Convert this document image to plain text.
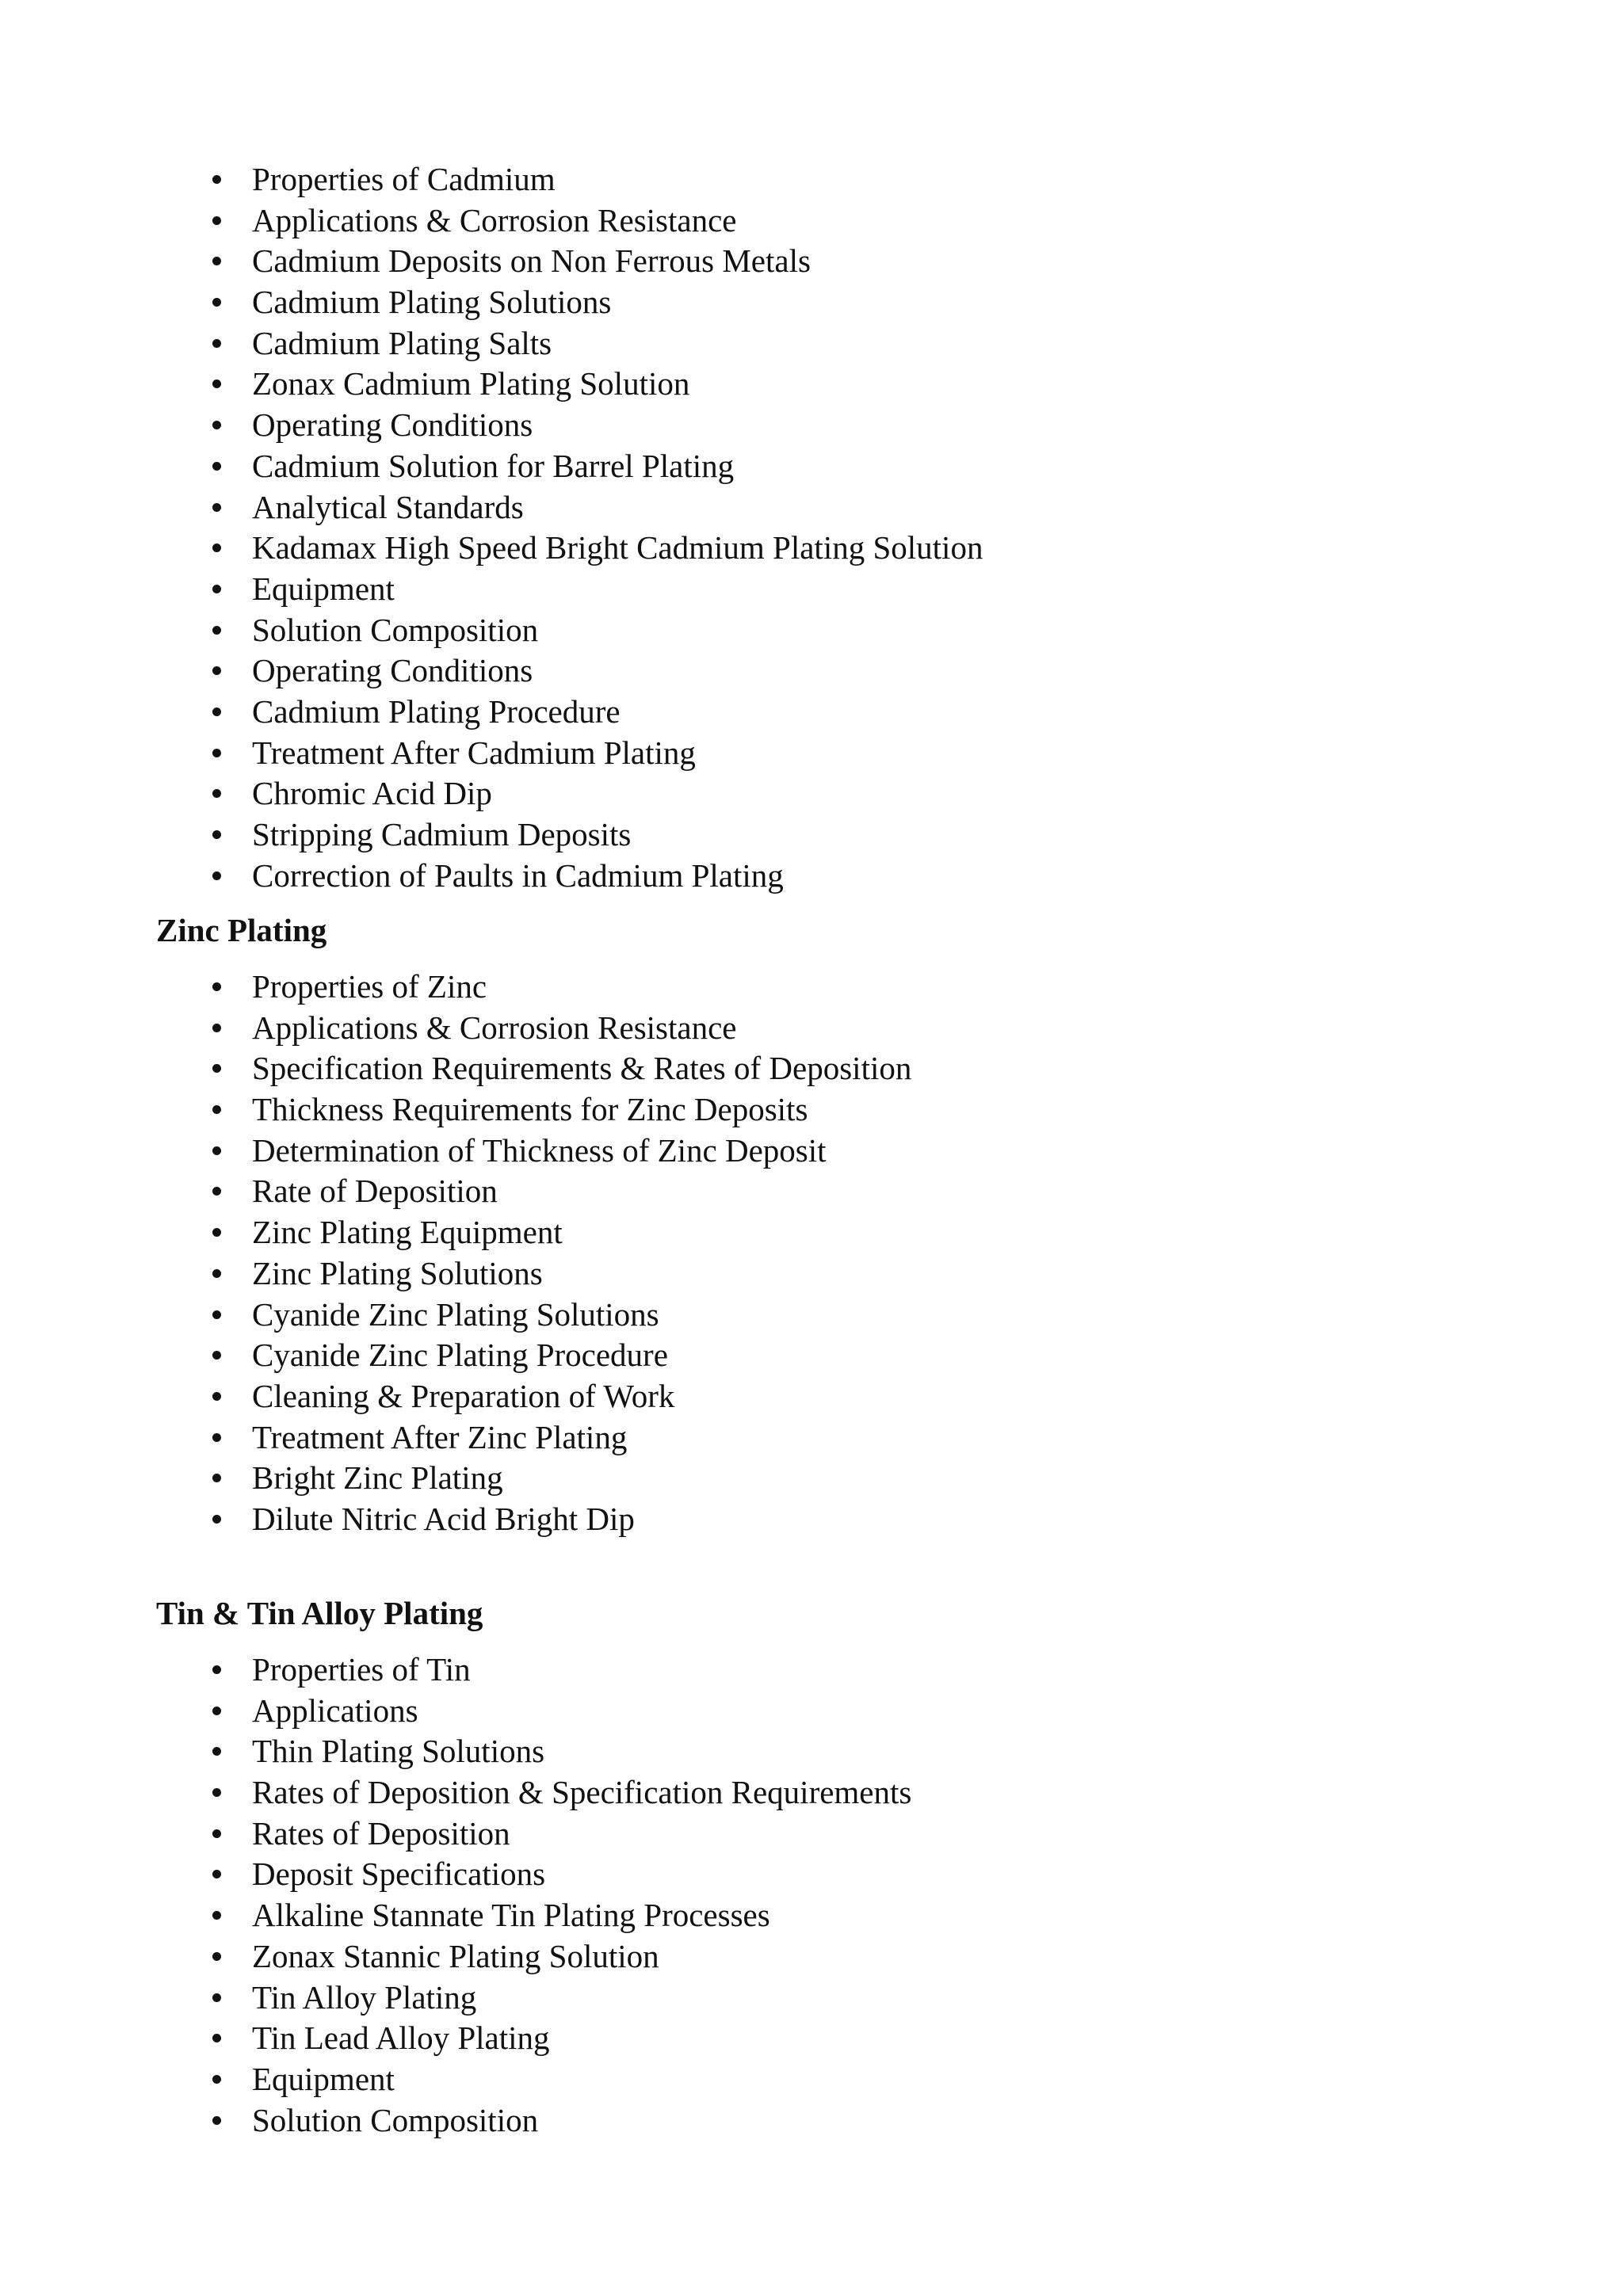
Properties of Cadmium
Applications & Corrosion Resistance
Cadmium Deposits on Non Ferrous Metals
Cadmium Plating Solutions
Cadmium Plating Salts
Zonax Cadmium Plating Solution
Operating Conditions
Cadmium Solution for Barrel Plating
Analytical Standards
Kadamax High Speed Bright Cadmium Plating Solution
Equipment
Solution Composition
Operating Conditions
Cadmium Plating Procedure
Treatment After Cadmium Plating
Chromic Acid Dip
Stripping Cadmium Deposits
Correction of Paults in Cadmium Plating
Zinc Plating
Properties of Zinc
Applications & Corrosion Resistance
Specification Requirements & Rates of Deposition
Thickness Requirements for Zinc Deposits
Determination of Thickness of Zinc Deposit
Rate of Deposition
Zinc Plating Equipment
Zinc Plating Solutions
Cyanide Zinc Plating Solutions
Cyanide Zinc Plating Procedure
Cleaning & Preparation of Work
Treatment After Zinc Plating
Bright Zinc Plating
Dilute Nitric Acid Bright Dip
Tin & Tin Alloy Plating
Properties of Tin
Applications
Thin Plating Solutions
Rates of Deposition & Specification Requirements
Rates of Deposition
Deposit Specifications
Alkaline Stannate Tin Plating Processes
Zonax Stannic Plating Solution
Tin Alloy Plating
Tin Lead Alloy Plating
Equipment
Solution Composition
